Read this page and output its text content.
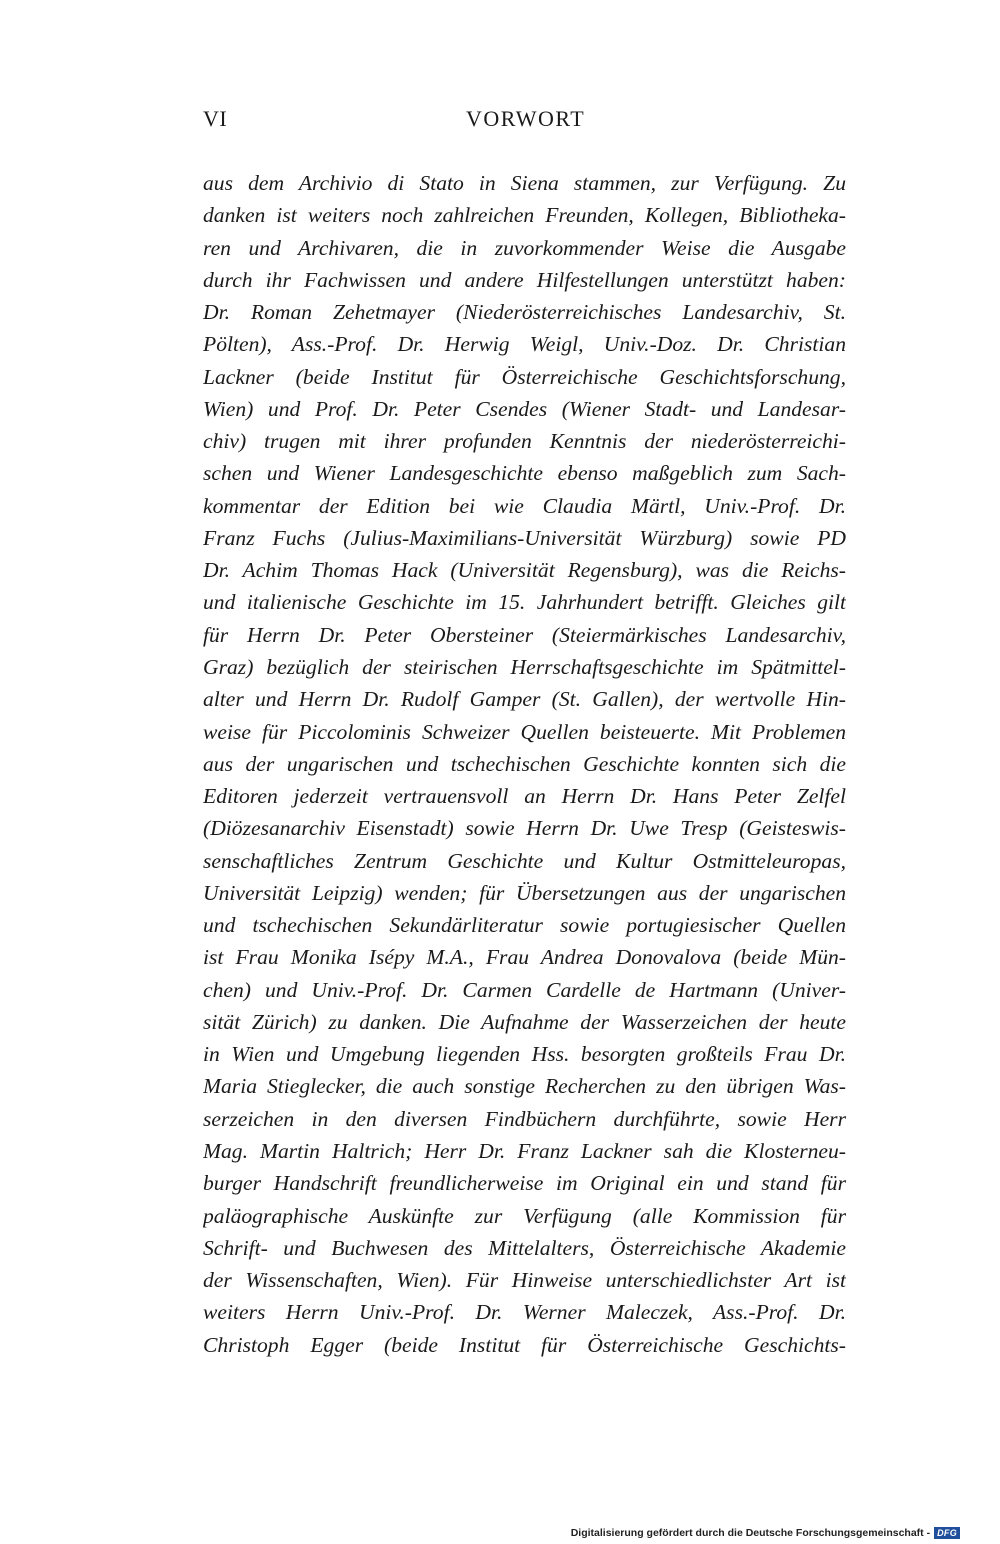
VI	VORWORT
aus dem Archivio di Stato in Siena stammen, zur Verfügung. Zu
danken ist weiters noch zahlreichen Freunden, Kollegen, Bibliotheka-
ren und Archivaren, die in zuvorkommender Weise die Ausgabe
durch ihr Fachwissen und andere Hilfestellungen unterstützt haben:
Dr. Roman Zehetmayer (Niederösterreichisches Landesarchiv, St.
Pölten), Ass.-Prof. Dr. Herwig Weigl, Univ.-Doz. Dr. Christian
Lackner (beide Institut für Österreichische Geschichtsforschung,
Wien) und Prof. Dr. Peter Csendes (Wiener Stadt- und Landesar-
chiv) trugen mit ihrer profunden Kenntnis der niederösterreichi-
schen und Wiener Landesgeschichte ebenso maßgeblich zum Sach-
kommentar der Edition bei wie Claudia Märtl, Univ.-Prof. Dr.
Franz Fuchs (Julius-Maximilians-Universität Würzburg) sowie PD
Dr. Achim Thomas Hack (Universität Regensburg), was die Reichs-
und italienische Geschichte im 15. Jahrhundert betrifft. Gleiches gilt
für Herrn Dr. Peter Obersteiner (Steiermärkisches Landesarchiv,
Graz) bezüglich der steirischen Herrschaftsgeschichte im Spätmittel-
alter und Herrn Dr. Rudolf Gamper (St. Gallen), der wertvolle Hin-
weise für Piccolominis Schweizer Quellen beisteuerte. Mit Problemen
aus der ungarischen und tschechischen Geschichte konnten sich die
Editoren jederzeit vertrauensvoll an Herrn Dr. Hans Peter Zelfel
(Diözesanarchiv Eisenstadt) sowie Herrn Dr. Uwe Tresp (Geisteswis-
senschaftliches Zentrum Geschichte und Kultur Ostmitteleuropas,
Universität Leipzig) wenden; für Übersetzungen aus der ungarischen
und tschechischen Sekundärliteratur sowie portugiesischer Quellen
ist Frau Monika Isépy M.A., Frau Andrea Donovalova (beide Mün-
chen) und Univ.-Prof. Dr. Carmen Cardelle de Hartmann (Univer-
sität Zürich) zu danken. Die Aufnahme der Wasserzeichen der heute
in Wien und Umgebung liegenden Hss. besorgten großteils Frau Dr.
Maria Stieglecker, die auch sonstige Recherchen zu den übrigen Was-
serzeichen in den diversen Findbüchern durchführte, sowie Herr
Mag. Martin Haltrich; Herr Dr. Franz Lackner sah die Klosterneu-
burger Handschrift freundlicherweise im Original ein und stand für
paläographische Auskünfte zur Verfügung (alle Kommission für
Schrift- und Buchwesen des Mittelalters, Österreichische Akademie
der Wissenschaften, Wien). Für Hinweise unterschiedlichster Art ist
weiters Herrn Univ.-Prof. Dr. Werner Maleczek, Ass.-Prof. Dr.
Christoph Egger (beide Institut für Österreichische Geschichts-
Digitalisierung gefördert durch die Deutsche Forschungsgemeinschaft - DFG
